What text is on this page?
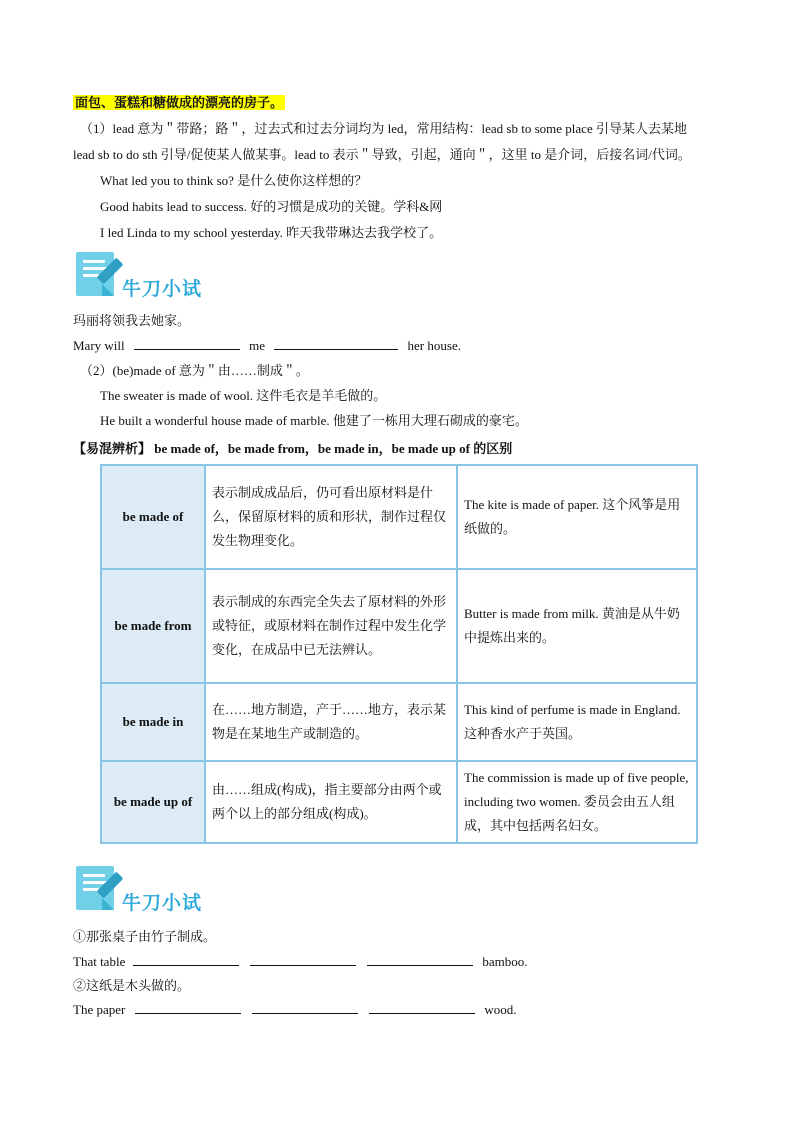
面包、蛋糕和糖做成的漂亮的房子。
（1）lead 意为＂带路；路＂，过去式和过去分词均为 led，常用结构：lead sb to some place 引导某人去某地
lead sb to do sth 引导/促使某人做某事。lead to 表示＂导致，引起，通向＂，这里 to 是介词，后接名词/代词。
What led you to think so? 是什么使你这样想的？
Good habits lead to success. 好的习惯是成功的关键。学科&网
I led Linda to my school yesterday. 昨天我带琳达去我学校了。
牛刀小试
玛丽将领我去她家。
Mary will	me	her house.
（2）(be)made of 意为＂由……制成＂。
The sweater is made of wool. 这件毛衣是羊毛做的。
He built a wonderful house made of marble. 他建了一栋用大理石砌成的豪宅。
【易混辨析】 be made of，be made from，be made in，be made up of 的区别
be made of	表示制成成品后，仍可看出原材料是什么，保留原材料的质和形状，制作过程仅发生物理变化。	The kite is made of paper. 这个风筝是用纸做的。
be made from	表示制成的东西完全失去了原材料的外形或特征，或原材料在制作过程中发生化学变化，在成品中已无法辨认。	Butter is made from milk. 黄油是从牛奶中提炼出来的。
be made in	在……地方制造，产于……地方，表示某物是在某地生产或制造的。	This kind of perfume is made in England. 这种香水产于英国。
be made up of	由……组成(构成)，指主要部分由两个或两个以上的部分组成(构成)。	The commission is made up of five people, including two women. 委员会由五人组成，其中包括两名妇女。
牛刀小试
①那张桌子由竹子制成。
That table	bamboo.
②这纸是木头做的。
The paper	wood.
